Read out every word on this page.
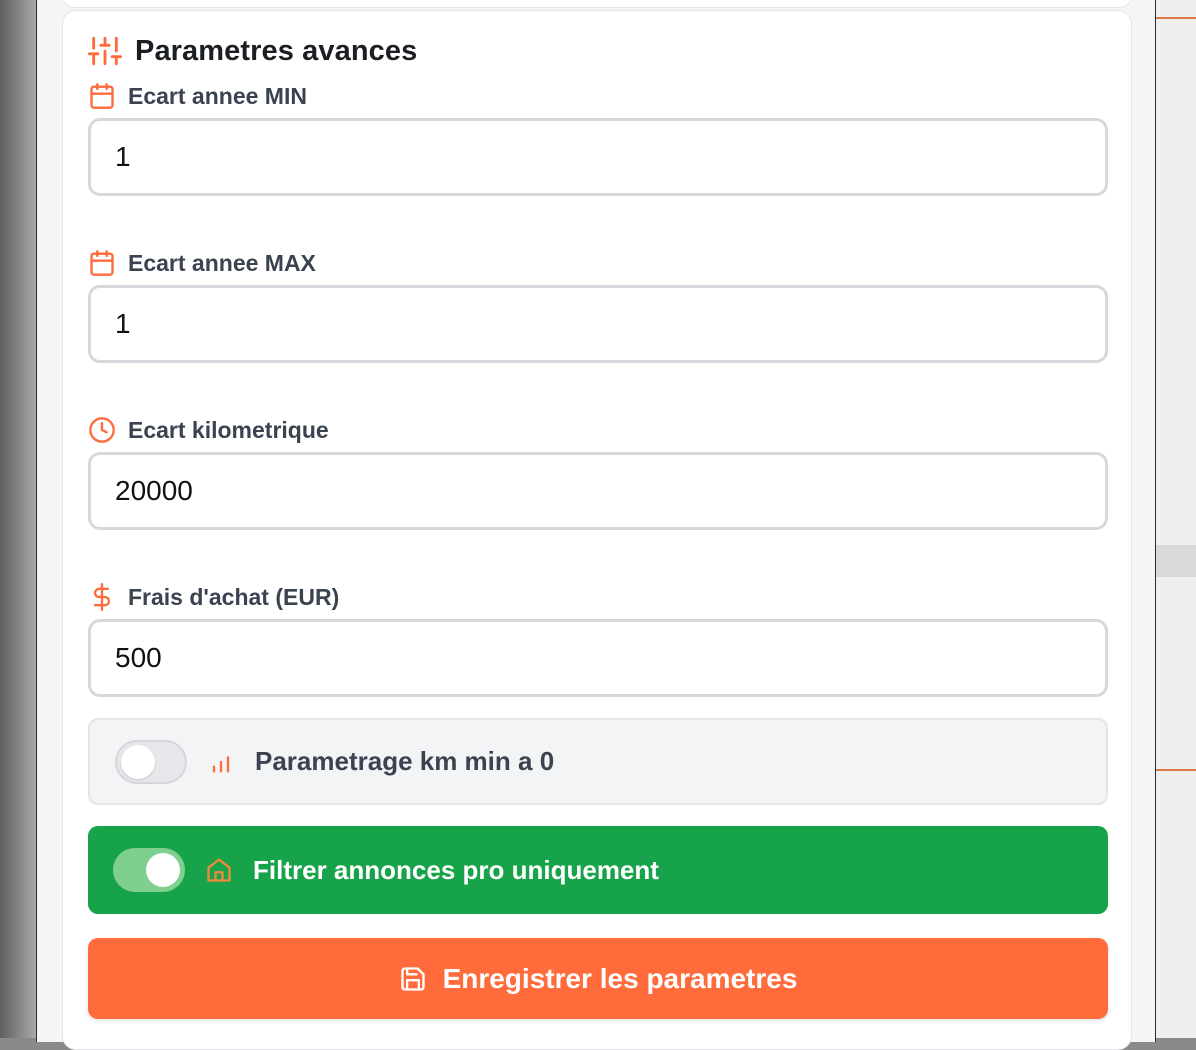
Parametres avances
Ecart annee MIN
1
Ecart annee MAX
1
Ecart kilometrique
20000
Frais d'achat (EUR)
500
Parametrage km min a 0
Filtrer annonces pro uniquement
Enregistrer les parametres
